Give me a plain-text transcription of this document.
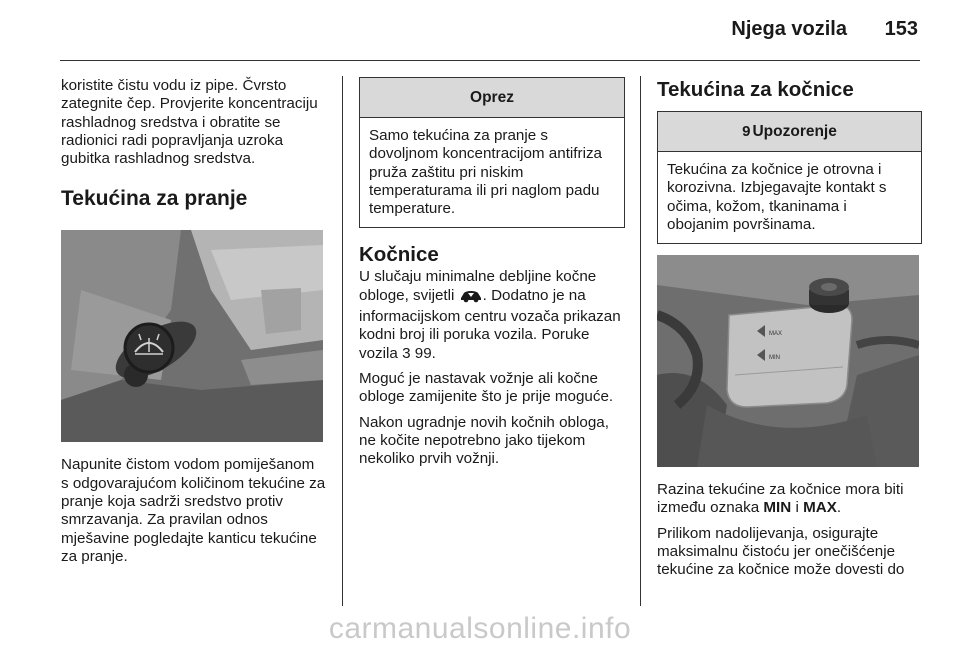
Njega vozila 153

koristite čistu vodu iz pipe. Čvrsto zategnite čep. Provjerite koncentraciju rashladnog sredstva i obratite se radionici radi popravljanja uzroka gubitka rashladnog sredstva.

Tekućina za pranje

Napunite čistom vodom pomiješanom s odgovarajućom količinom tekućine za pranje koja sadrži sredstvo protiv smrzavanja. Za pravilan odnos mješavine pogledajte kanticu tekućine za pranje.

Oprez
Samo tekućina za pranje s dovoljnom koncentracijom antifriza pruža zaštitu pri niskim temperaturama ili pri naglom padu temperature.
Kočnice

U slučaju minimalne debljine kočne obloge, svijetli . Dodatno je na informacijskom centru vozača prikazan kodni broj ili poruka vozila. Poruke vozila 3 99.

Moguć je nastavak vožnje ali kočne obloge zamijenite što je prije moguće.

Nakon ugradnje novih kočnih obloga, ne kočite nepotrebno jako tijekom nekoliko prvih vožnji.

Tekućina za kočnice
9 Upozorenje
Tekućina za kočnice je otrovna i korozivna. Izbjegavajte kontakt s očima, kožom, tkaninama i obojanim površinama.
MAX
MIN

Razina tekućine za kočnice mora biti između oznaka MIN i MAX.

Prilikom nadolijevanja, osigurajte maksimalnu čistoću jer onečišćenje tekućine za kočnice može dovesti do

carmanualsonline.info
